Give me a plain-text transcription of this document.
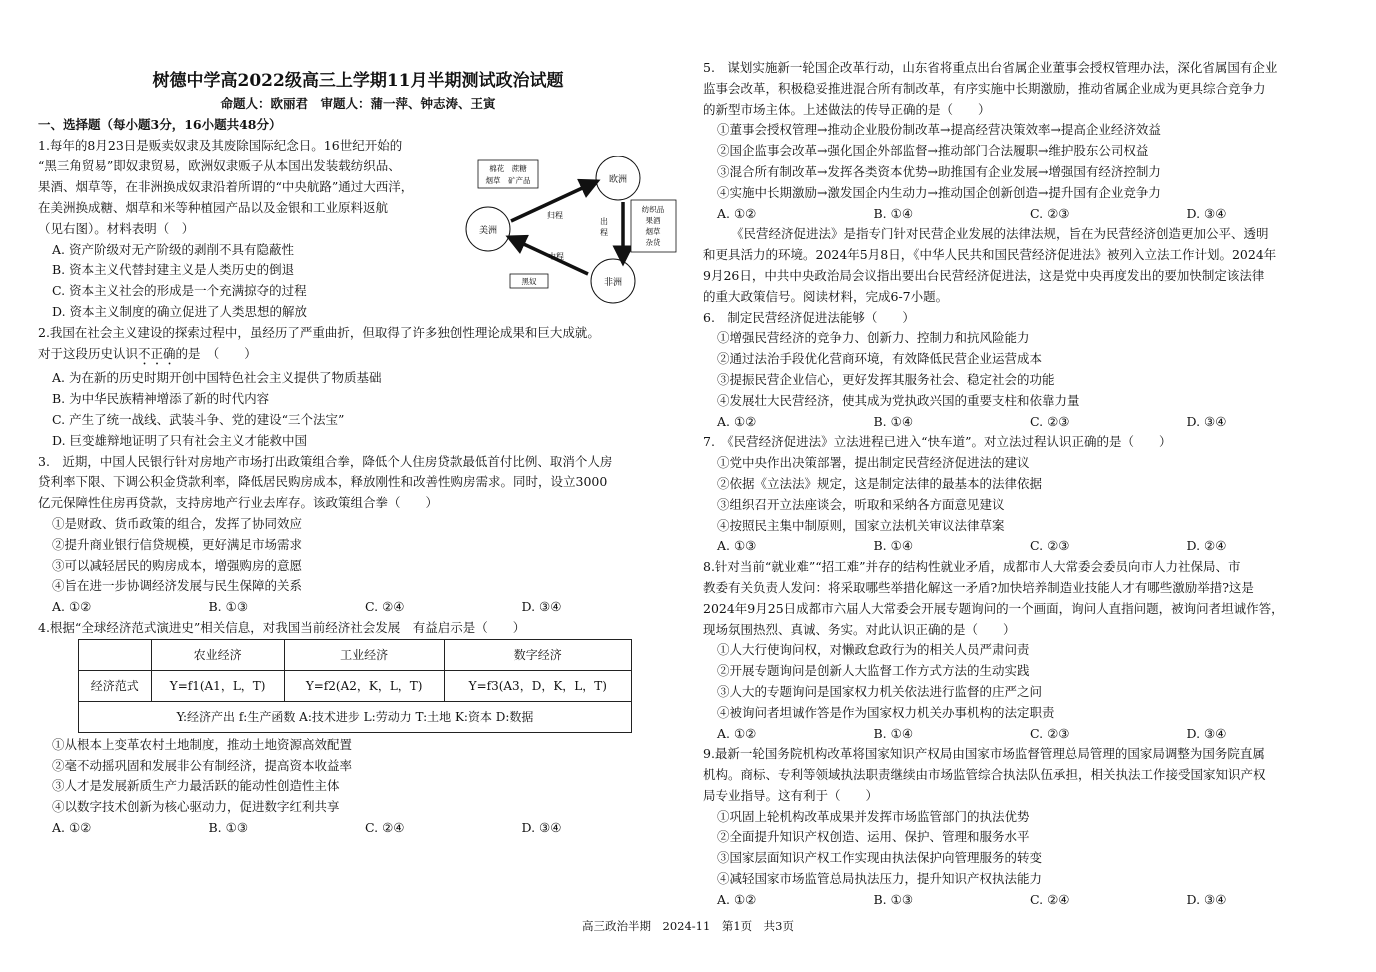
树德中学高2022级高三上学期11月半期测试政治试题
命题人：欧丽君　审题人：蒲一萍、钟志涛、王寅
一、选择题（每小题3分，16小题共48分）
1.每年的8月23日是贩卖奴隶及其废除国际纪念日。16世纪开始的
“黑三角贸易”即奴隶贸易，欧洲奴隶贩子从本国出发装载纺织品、
果酒、烟草等，在非洲换成奴隶沿着所谓的“中央航路”通过大西洋，
在美洲换成糖、烟草和米等种植园产品以及金银和工业原料返航
（见右图）。材料表明（　）
A. 资产阶级对无产阶级的剥削不具有隐蔽性
B. 资本主义代替封建主义是人类历史的倒退
C. 资本主义社会的形成是一个充满掠夺的过程
D. 资本主义制度的确立促进了人类思想的解放
2.我国在社会主义建设的探索过程中，虽经历了严重曲折，但取得了许多独创性理论成果和巨大成就。
对于这段历史认识不正确的是　（　　）
A. 为在新的历史时期开创中国特色社会主义提供了物质基础
B. 为中华民族精神增添了新的时代内容
C. 产生了统一战线、武装斗争、党的建设“三个法宝”
D. 巨变雄辩地证明了只有社会主义才能救中国
3.　近期，中国人民银行针对房地产市场打出政策组合拳，降低个人住房贷款最低首付比例、取消个人房
贷利率下限、下调公积金贷款利率，降低居民购房成本，释放刚性和改善性购房需求。同时，设立3000
亿元保障性住房再贷款，支持房地产行业去库存。该政策组合拳（　　）
①是财政、货币政策的组合，发挥了协同效应
②提升商业银行信贷规模，更好满足市场需求
③可以减轻居民的购房成本，增强购房的意愿
④旨在进一步协调经济发展与民生保障的关系
A. ①②	B. ①③	C. ②④	D. ③④
4.根据“全球经济范式演进史”相关信息，对我国当前经济社会发展　有益启示是（　　）
	农业经济	工业经济	数字经济
经济范式	Y=f1(A1，L，T)	Y=f2(A2，K，L，T)	Y=f3(A3，D，K，L，T)
Y:经济产出 f:生产函数 A:技术进步 L:劳动力 T:土地 K:资本 D:数据			
①从根本上变革农村土地制度，推动土地资源高效配置
②毫不动摇巩固和发展非公有制经济，提高资本收益率
③人才是发展新质生产力最活跃的能动性创造性主体
④以数字技术创新为核心驱动力，促进数字红利共享
A. ①②	B. ①③	C. ②④	D. ③④
欧洲
美洲
非洲
棉花　蔗糖
烟草　矿产品
纺织品
果酒
烟草
杂货
黑奴
归程
出
程
中程
5.　谋划实施新一轮国企改革行动，山东省将重点出台省属企业董事会授权管理办法，深化省属国有企业
监事会改革，积极稳妥推进混合所有制改革，有序实施中长期激励，推动省属企业成为更具综合竞争力
的新型市场主体。上述做法的传导正确的是（　　）
①董事会授权管理→推动企业股份制改革→提高经营决策效率→提高企业经济效益
②国企监事会改革→强化国企外部监督→推动部门合法履职→维护股东公司权益
③混合所有制改革→发挥各类资本优势→助推国有企业发展→增强国有经济控制力
④实施中长期激励→激发国企内生动力→推动国企创新创造→提升国有企业竞争力
A. ①②	B. ①④	C. ②③	D. ③④
《民营经济促进法》是指专门针对民营企业发展的法律法规，旨在为民营经济创造更加公平、透明
和更具活力的环境。2024年5月8日，《中华人民共和国民营经济促进法》被列入立法工作计划。2024年
9月26日，中共中央政治局会议指出要出台民营经济促进法，这是党中央再度发出的要加快制定该法律
的重大政策信号。阅读材料，完成6-7小题。
6.　制定民营经济促进法能够（　　）
①增强民营经济的竞争力、创新力、控制力和抗风险能力
②通过法治手段优化营商环境，有效降低民营企业运营成本
③提振民营企业信心，更好发挥其服务社会、稳定社会的功能
④发展壮大民营经济，使其成为党执政兴国的重要支柱和依靠力量
A. ①②	B. ①④	C. ②③	D. ③④
7.　《民营经济促进法》立法进程已进入“快车道”。对立法过程认识正确的是（　　）
①党中央作出决策部署，提出制定民营经济促进法的建议
②依据《立法法》规定，这是制定法律的最基本的法律依据
③组织召开立法座谈会，听取和采纳各方面意见建议
④按照民主集中制原则，国家立法机关审议法律草案
A. ①③	B. ①④	C. ②③	D. ②④
8.针对当前“就业难”“招工难”并存的结构性就业矛盾，成都市人大常委会委员向市人力社保局、市
教委有关负责人发问：将采取哪些举措化解这一矛盾?加快培养制造业技能人才有哪些激励举措?这是
2024年9月25日成都市六届人大常委会开展专题询问的一个画面，询问人直指问题，被询问者坦诚作答，
现场氛围热烈、真诚、务实。对此认识正确的是（　　）
①人大行使询问权，对懒政怠政行为的相关人员严肃问责
②开展专题询问是创新人大监督工作方式方法的生动实践
③人大的专题询问是国家权力机关依法进行监督的庄严之问
④被询问者坦诚作答是作为国家权力机关办事机构的法定职责
A. ①②	B. ①④	C. ②③	D. ③④
9.最新一轮国务院机构改革将国家知识产权局由国家市场监督管理总局管理的国家局调整为国务院直属
机构。商标、专利等领域执法职责继续由市场监管综合执法队伍承担，相关执法工作接受国家知识产权
局专业指导。这有利于（　　）
①巩固上轮机构改革成果并发挥市场监管部门的执法优势
②全面提升知识产权创造、运用、保护、管理和服务水平
③国家层面知识产权工作实现由执法保护向管理服务的转变
④减轻国家市场监管总局执法压力，提升知识产权执法能力
A. ①②	B. ①③	C. ②④	D. ③④
高三政治半期　2024-11　第1页　共3页
